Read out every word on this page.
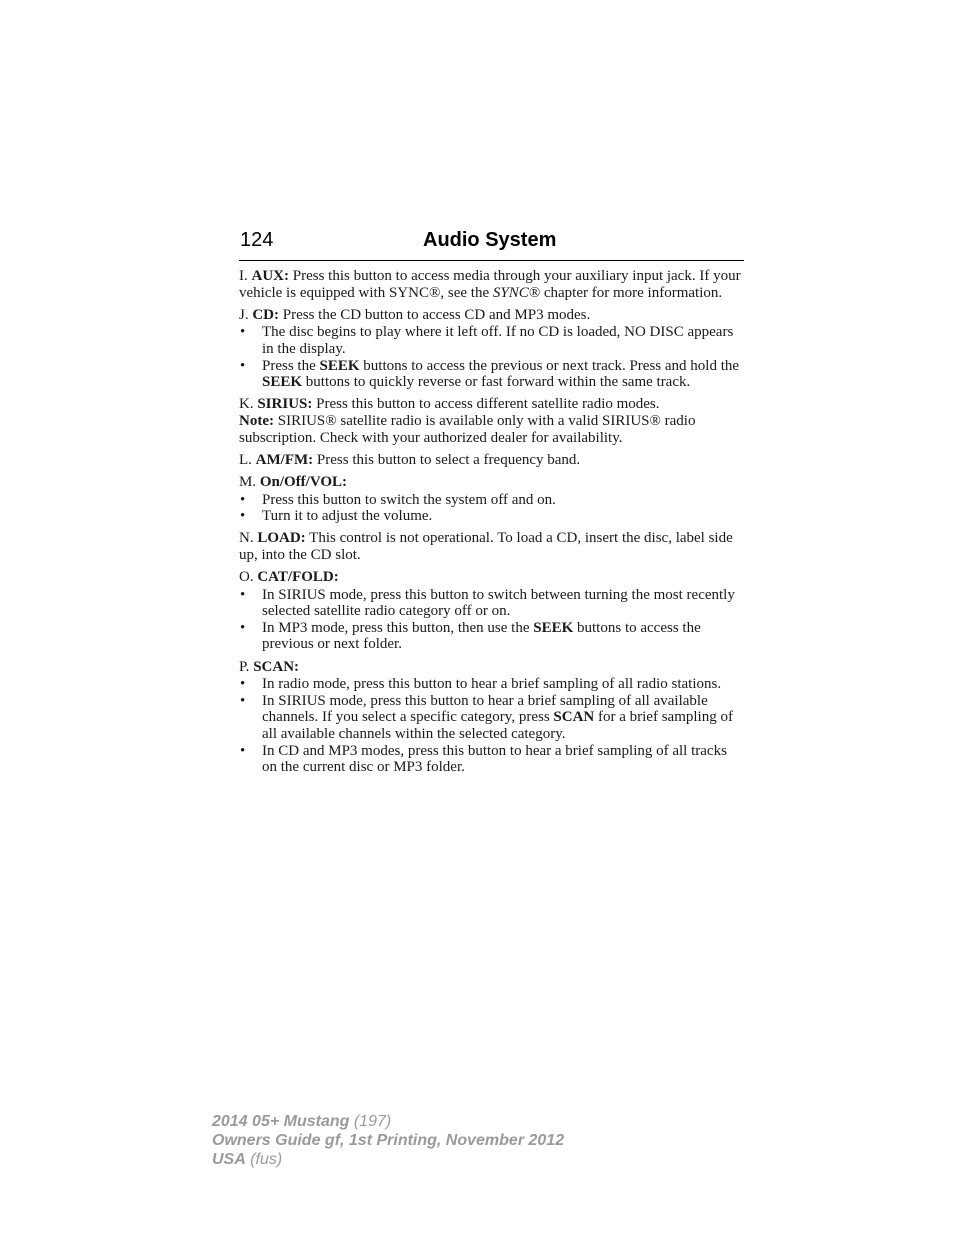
124	Audio System

I. AUX: Press this button to access media through your auxiliary input jack. If your vehicle is equipped with SYNC®, see the SYNC® chapter for more information.

J. CD: Press the CD button to access CD and MP3 modes.

• The disc begins to play where it left off. If no CD is loaded, NO DISC appears in the display.
• Press the SEEK buttons to access the previous or next track. Press and hold the SEEK buttons to quickly reverse or fast forward within the same track.

K. SIRIUS: Press this button to access different satellite radio modes.
Note: SIRIUS® satellite radio is available only with a valid SIRIUS® radio subscription. Check with your authorized dealer for availability.

L. AM/FM: Press this button to select a frequency band.

M. On/Off/VOL:

• Press this button to switch the system off and on.
• Turn it to adjust the volume.

N. LOAD: This control is not operational. To load a CD, insert the disc, label side up, into the CD slot.

O. CAT/FOLD:

• In SIRIUS mode, press this button to switch between turning the most recently selected satellite radio category off or on.
• In MP3 mode, press this button, then use the SEEK buttons to access the previous or next folder.

P. SCAN:

• In radio mode, press this button to hear a brief sampling of all radio stations.
• In SIRIUS mode, press this button to hear a brief sampling of all available channels. If you select a specific category, press SCAN for a brief sampling of all available channels within the selected category.
• In CD and MP3 modes, press this button to hear a brief sampling of all tracks on the current disc or MP3 folder.
2014 05+ Mustang (197)
Owners Guide gf, 1st Printing, November 2012
USA (fus)
